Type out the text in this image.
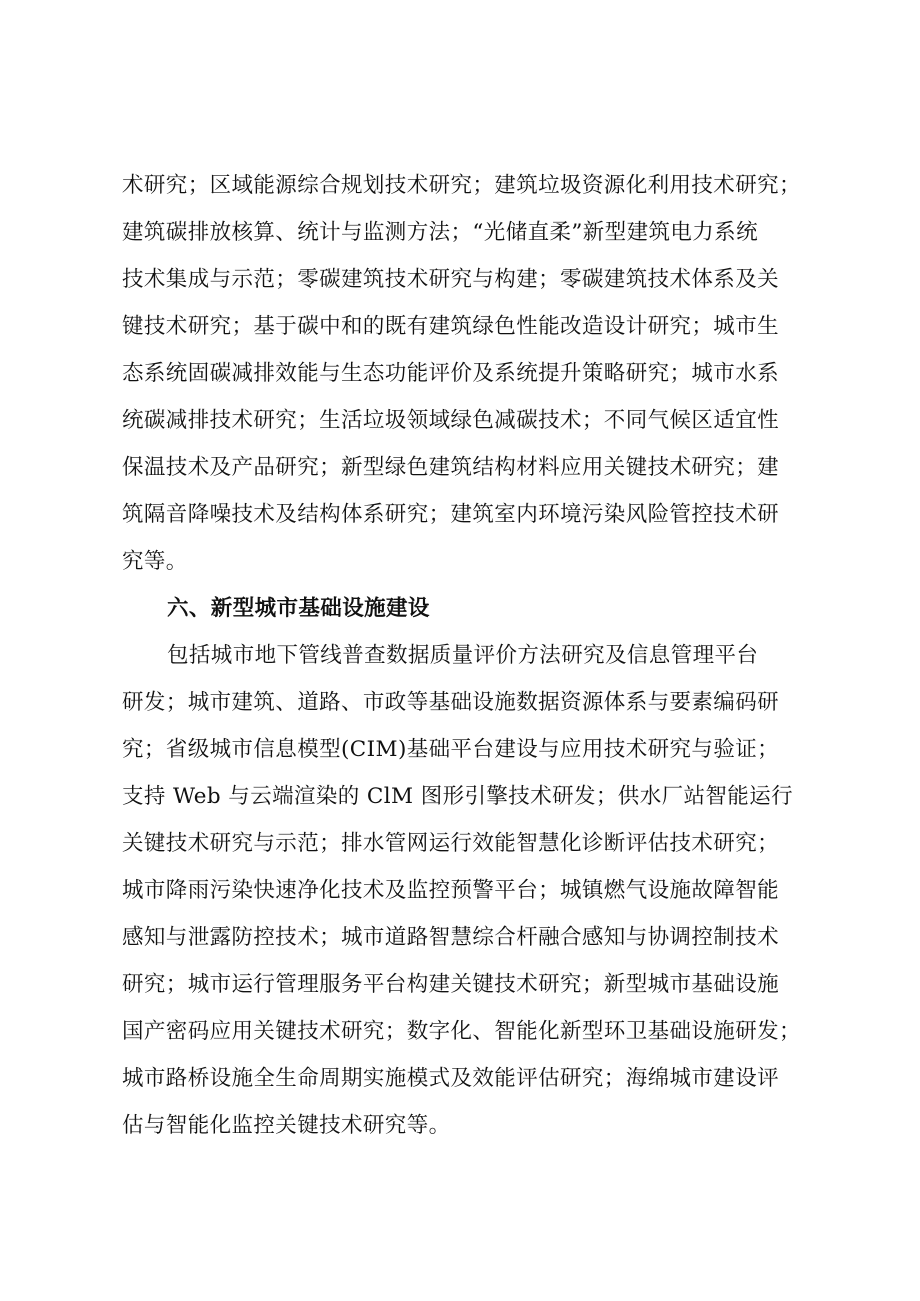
术研究；区域能源综合规划技术研究；建筑垃圾资源化利用技术研究；
建筑碳排放核算、统计与监测方法；“光储直柔”新型建筑电力系统
技术集成与示范；零碳建筑技术研究与构建；零碳建筑技术体系及关
键技术研究；基于碳中和的既有建筑绿色性能改造设计研究；城市生
态系统固碳减排效能与生态功能评价及系统提升策略研究；城市水系
统碳减排技术研究；生活垃圾领域绿色减碳技术；不同气候区适宜性
保温技术及产品研究；新型绿色建筑结构材料应用关键技术研究；建
筑隔音降噪技术及结构体系研究；建筑室内环境污染风险管控技术研
究等。
六、新型城市基础设施建设
包括城市地下管线普查数据质量评价方法研究及信息管理平台
研发；城市建筑、道路、市政等基础设施数据资源体系与要素编码研
究；省级城市信息模型(CIM)基础平台建设与应用技术研究与验证；
支持 Web 与云端渲染的 ClM 图形引擎技术研发；供水厂站智能运行
关键技术研究与示范；排水管网运行效能智慧化诊断评估技术研究；
城市降雨污染快速净化技术及监控预警平台；城镇燃气设施故障智能
感知与泄露防控技术；城市道路智慧综合杆融合感知与协调控制技术
研究；城市运行管理服务平台构建关键技术研究；新型城市基础设施
国产密码应用关键技术研究；数字化、智能化新型环卫基础设施研发；
城市路桥设施全生命周期实施模式及效能评估研究；海绵城市建设评
估与智能化监控关键技术研究等。
